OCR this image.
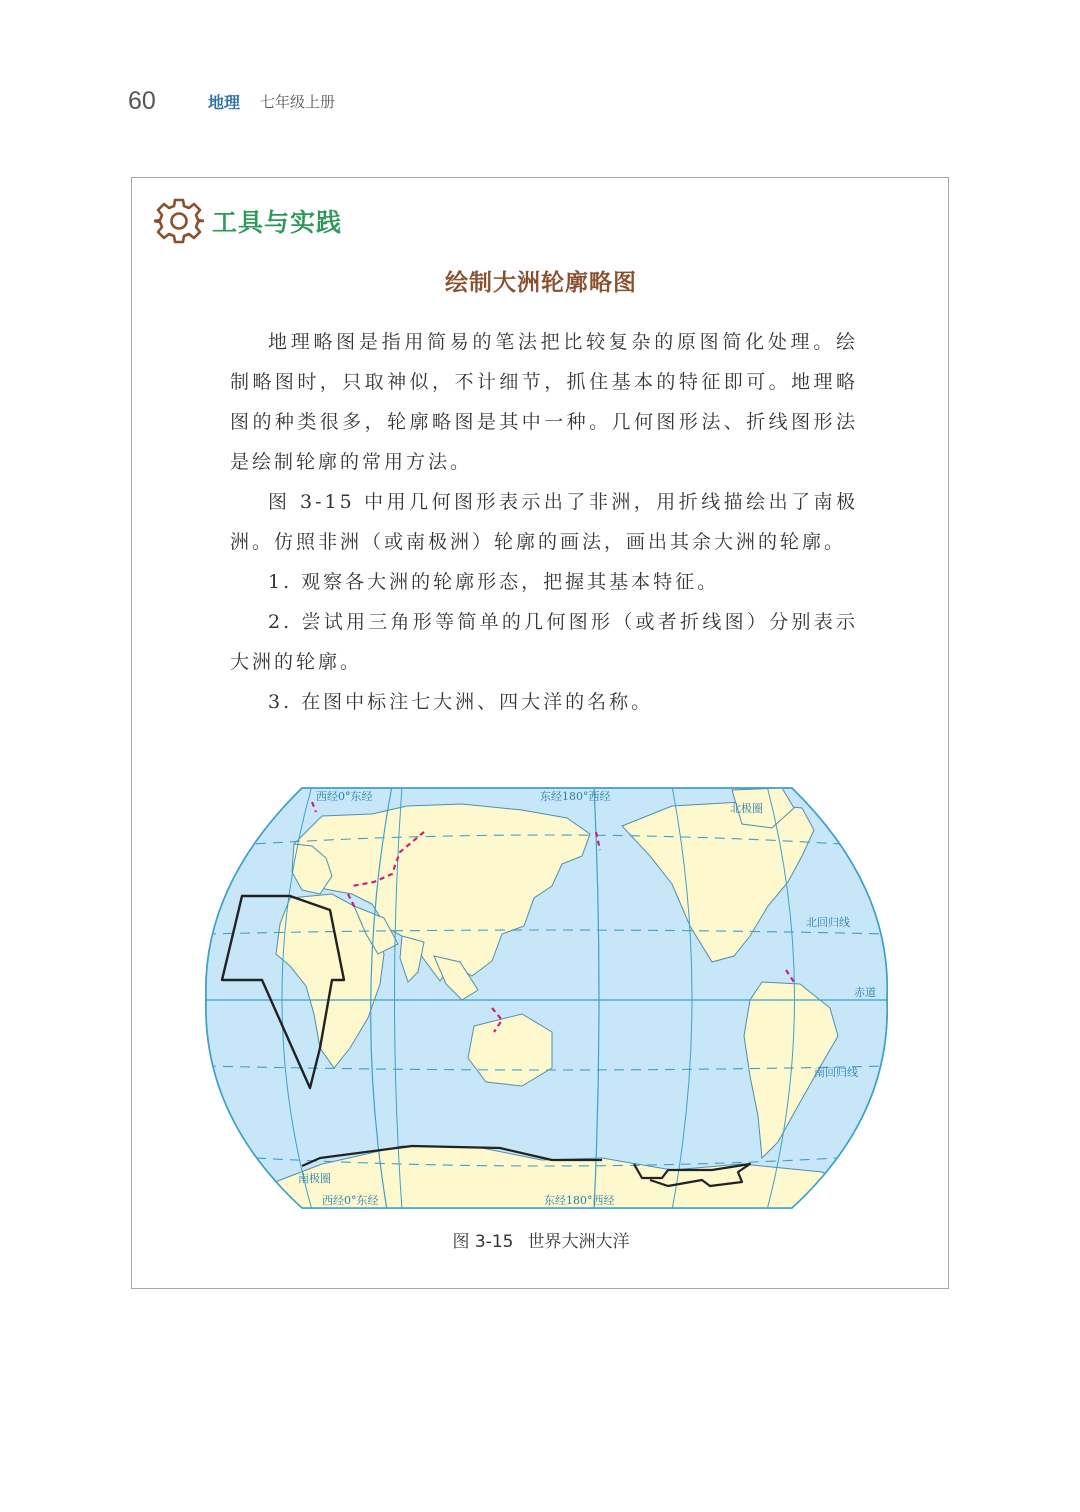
60	地理 七年级上册
工具与实践
绘制大洲轮廓略图

地理略图是指用简易的笔法把比较复杂的原图简化处理。绘制略图时，只取神似，不计细节，抓住基本的特征即可。地理略图的种类很多，轮廓略图是其中一种。几何图形法、折线图形法是绘制轮廓的常用方法。

图 3-15 中用几何图形表示出了非洲，用折线描绘出了南极洲。仿照非洲（或南极洲）轮廓的画法，画出其余大洲的轮廓。

1. 观察各大洲的轮廓形态，把握其基本特征。

2. 尝试用三角形等简单的几何图形（或者折线图）分别表示大洲的轮廓。

3. 在图中标注七大洲、四大洋的名称。

西经0°东经	东经180°西经
北极圈
北回归线
赤道
南回归线
南极圈
西经0°东经	东经180°西经
图 3-15 世界大洲大洋
